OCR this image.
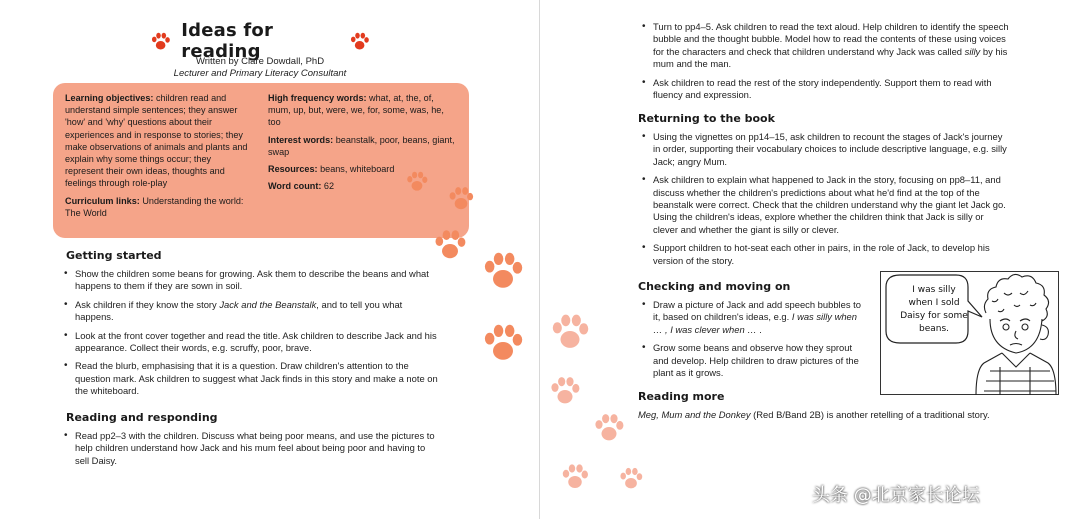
Ideas for reading
Written by Clare Dowdall, PhD
Lecturer and Primary Literacy Consultant

Learning objectives: children read and understand simple sentences; they answer 'how' and 'why' questions about their experiences and in response to stories; they make observations of animals and plants and explain why some things occur; they represent their own ideas, thoughts and feelings through role-play

Curriculum links: Understanding the world: The World

High frequency words: what, at, the, of, mum, up, but, were, we, for, some, was, he, too

Interest words: beanstalk, poor, beans, giant, swap

Resources: beans, whiteboard

Word count: 62

Getting started
• Show the children some beans for growing. Ask them to describe the beans and what happens to them if they are sown in soil.
• Ask children if they know the story Jack and the Beanstalk, and to tell you what happens.
• Look at the front cover together and read the title. Ask children to describe Jack and his appearance. Collect their words, e.g. scruffy, poor, brave.
• Read the blurb, emphasising that it is a question. Draw children's attention to the question mark. Ask children to suggest what Jack finds in this story and make a note on the whiteboard.
Reading and responding
• Read pp2–3 with the children. Discuss what being poor means, and use the pictures to help children understand how Jack and his mum feel about being poor and having to sell Daisy.
• Turn to pp4–5. Ask children to read the text aloud. Help children to identify the speech bubble and the thought bubble. Model how to read the contents of these using voices for the characters and check that children understand why Jack was called silly by his mum and the man.
• Ask children to read the rest of the story independently. Support them to read with fluency and expression.
Returning to the book
• Using the vignettes on pp14–15, ask children to recount the stages of Jack's journey in order, supporting their vocabulary choices to include descriptive language, e.g. silly Jack; angry Mum.
• Ask children to explain what happened to Jack in the story, focusing on pp8–11, and discuss whether the children's predictions about what he'd find at the top of the beanstalk were correct. Check that the children understand why the giant let Jack go. Using the children's ideas, explore whether the children think that Jack is silly or clever and whether the giant is silly or clever.
• Support children to hot-seat each other in pairs, in the role of Jack, to develop his version of the story.
Checking and moving on
• Draw a picture of Jack and add speech bubbles to it, based on children's ideas, e.g. I was silly when … , I was clever when … .
• Grow some beans and observe how they sprout and develop. Help children to draw pictures of the plant as it grows.
I was silly when I sold Daisy for some beans.
Reading more
Meg, Mum and the Donkey (Red B/Band 2B) is another retelling of a traditional story.
头条 @北京家长论坛
